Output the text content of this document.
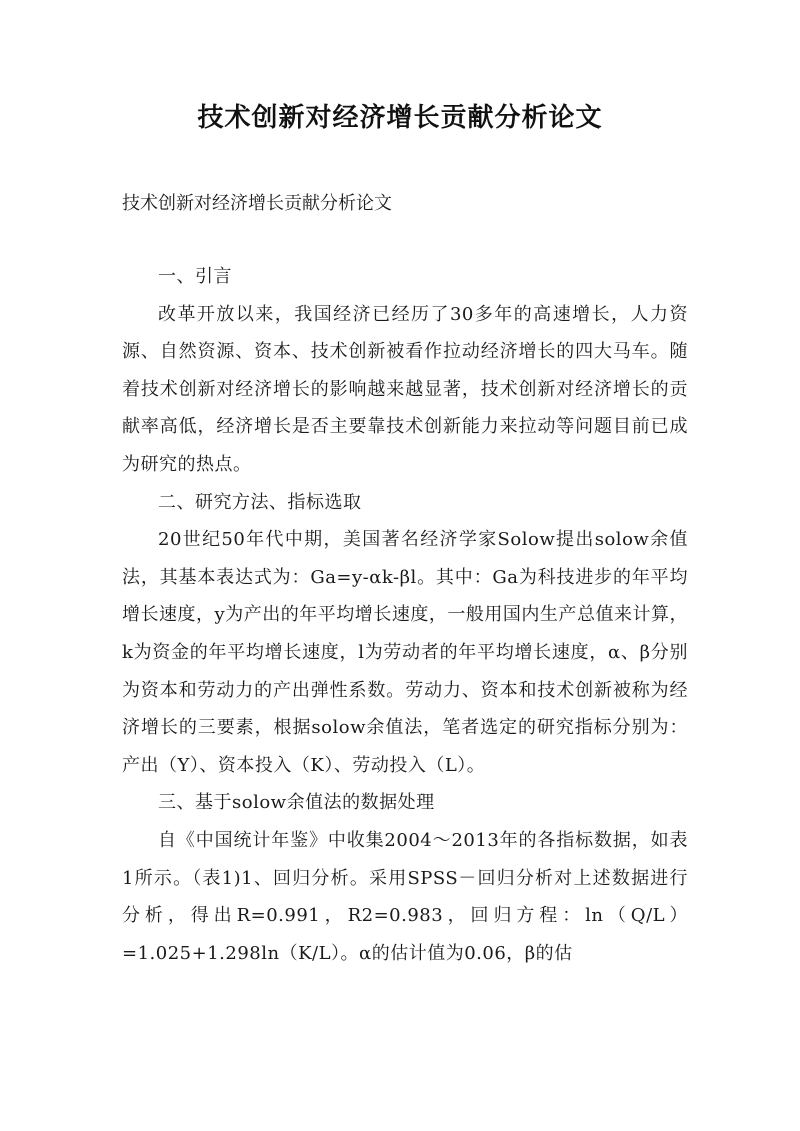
技术创新对经济增长贡献分析论文

技术创新对经济增长贡献分析论文

一、引言

改革开放以来，我国经济已经历了30多年的高速增长，人力资源、自然资源、资本、技术创新被看作拉动经济增长的四大马车。随着技术创新对经济增长的影响越来越显著，技术创新对经济增长的贡献率高低，经济增长是否主要靠技术创新能力来拉动等问题目前已成为研究的热点。

二、研究方法、指标选取

20世纪50年代中期，美国著名经济学家Solow提出solow余值法，其基本表达式为：Ga=y-αk-βl。其中：Ga为科技进步的年平均增长速度，y为产出的年平均增长速度，一般用国内生产总值来计算，k为资金的年平均增长速度，l为劳动者的年平均增长速度，α、β分别为资本和劳动力的产出弹性系数。劳动力、资本和技术创新被称为经济增长的三要素，根据solow余值法，笔者选定的研究指标分别为：产出（Y）、资本投入（K）、劳动投入（L）。

三、基于solow余值法的数据处理

自《中国统计年鉴》中收集2004～2013年的各指标数据，如表1所示。（表1)1、回归分析。采用SPSS－回归分析对上述数据进行分析，得出R=0.991，R2=0.983，回归方程：ln（Q/L）=1.025+1.298ln（K/L）。α的估计值为0.06，β的估
